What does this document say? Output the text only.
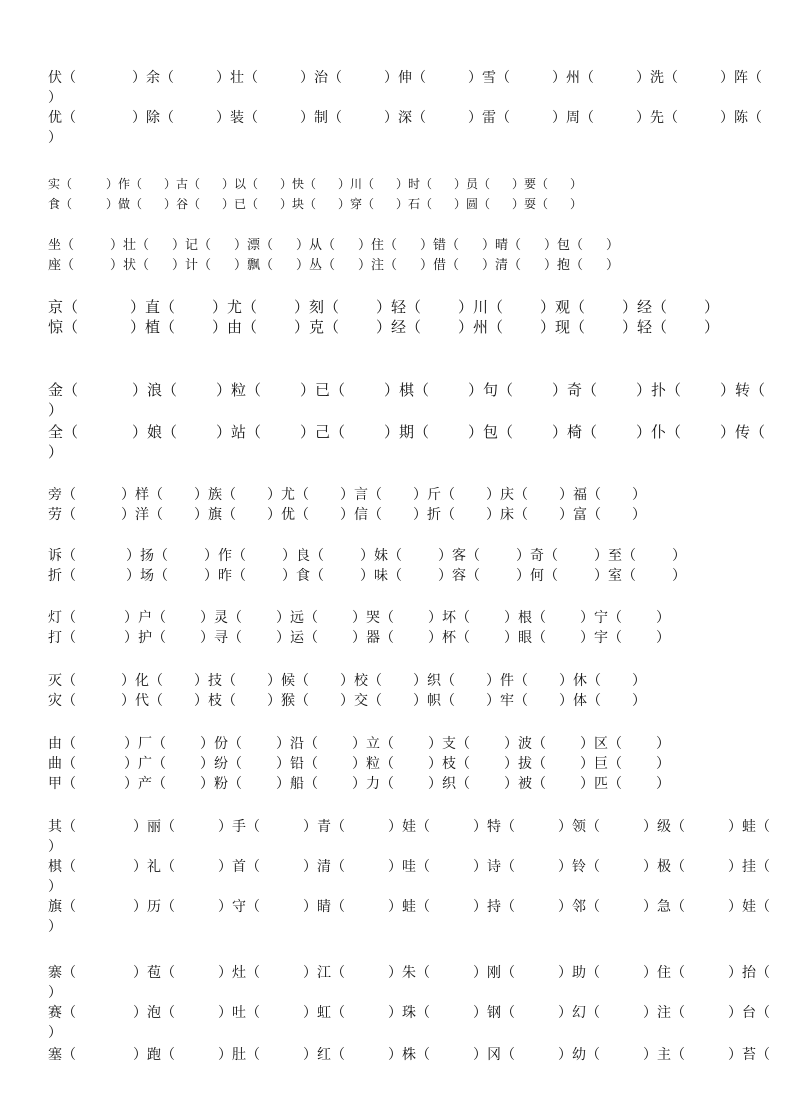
伏（	）余（	）壮（	）治（	）伸（	）雪（	）州（	）洗（	）阵（
）
优（	）除（	）装（	）制（	）深（	）雷（	）周（	）先（	）陈（
）
实（	）作（ ）古（ ）以（ ）快（ ）川（ ）时（ ）员（ ）要（ ）
食（	）做（ ）谷（ ）已（ ）块（ ）穿（ ）石（ ）圆（ ）耍（ ）
坐（	）壮（ ）记（ ）漂（ ）从（ ）住（ ）错（ ）晴（ ）包（ ）
座（	）状（ ）计（ ）飘（ ）丛（ ）注（ ）借（ ）清（ ）抱（ ）
京（	）直（ ）尤（ ）刻（ ）轻（ ）川（ ）观（ ）经（ ）
惊（	）植（ ）由（ ）克（ ）经（ ）州（ ）现（ ）轻（ ）
金（	）浪（	）粒（	）已（	）棋（	）句（	）奇（	）扑（	）转（
）
全（	）娘（	）站（	）己（	）期（	）包（	）椅（	）仆（	）传（
）
旁（	）样（ ）族（ ）尤（ ）言（ ）斤（ ）庆（ ）福（ ）
劳（	）洋（ ）旗（ ）优（ ）信（ ）折（ ）床（ ）富（ ）
诉（	）扬（	）作（	）良（	）妹（	）客（	）奇（	）至（	）
折（	）场（	）昨（	）食（	）味（	）容（	）何（	）室（	）
灯（	）户（ ）灵（ ）远（ ）哭（ ）坏（ ）根（ ）宁（ ）
打（	）护（ ）寻（ ）运（ ）器（ ）杯（ ）眼（ ）宇（ ）
灭（	）化（ ）技（ ）候（ ）校（ ）织（ ）件（ ）休（ ）
灾（	）代（ ）枝（ ）猴（ ）交（ ）帜（ ）牢（ ）体（ ）
由（	）厂（ ）份（ ）沿（ ）立（ ）支（ ）波（ ）区（ ）
曲（	）广（ ）纷（ ）铅（ ）粒（ ）枝（ ）拔（ ）巨（ ）
甲（	）产（ ）粉（ ）船（ ）力（ ）织（ ）被（ ）匹（ ）
其（	）丽（	）手（	）青（	）娃（	）特（	）领（	）级（	）蛙（
）
棋（	）礼（	）首（	）清（	）哇（	）诗（	）铃（	）极（	）挂（
）
旗（	）历（	）守（	）睛（	）蛙（	）持（	）邻（	）急（	）娃（
）
寨（	）苞（	）灶（	）江（	）朱（	）刚（	）助（	）住（	）抬（
）
赛（	）泡（	）吐（	）虹（	）珠（	）钢（	）幻（	）注（	）台（
）
塞（	）跑（	）肚（	）红（	）株（	）冈（	）幼（	）主（	）苔（
